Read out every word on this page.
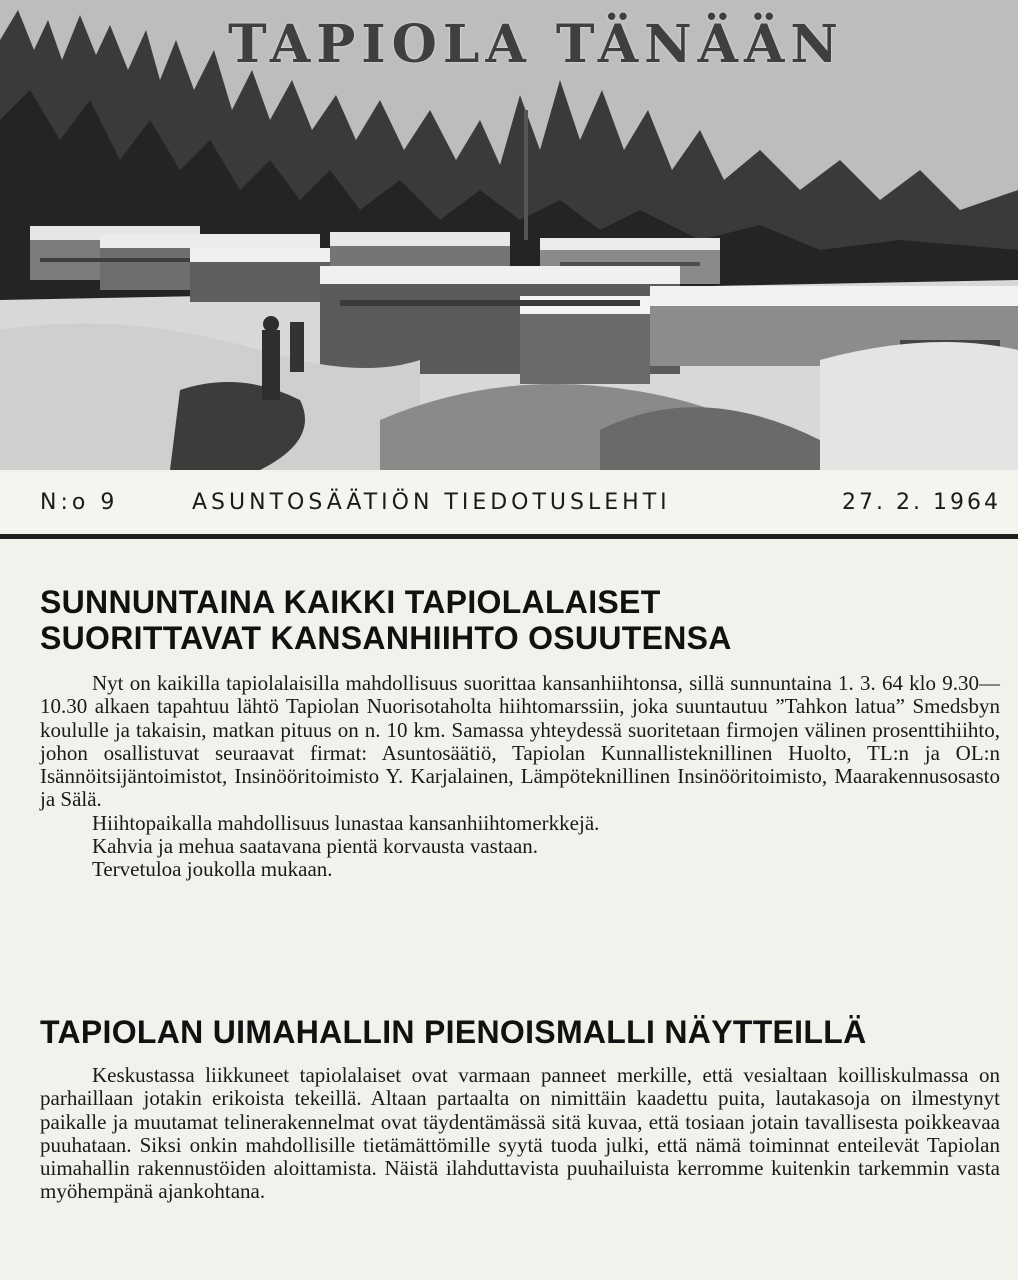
TAPIOLA TÄNÄÄN
N:o 9	ASUNTOSÄÄTIÖN TIEDOTUSLEHTI	27. 2. 1964
SUNNUNTAINA KAIKKI TAPIOLALAISET
SUORITTAVAT KANSANHIIHTO OSUUTENSA

Nyt on kaikilla tapiolalaisilla mahdollisuus suorittaa kansanhiihtonsa, sillä sunnuntaina 1. 3. 64 klo 9.30—10.30 alkaen tapahtuu lähtö Tapiolan Nuorisotaholta hiihtomarssiin, joka suuntautuu ”Tahkon latua” Smedsbyn koululle ja takaisin, matkan pituus on n. 10 km. Samassa yhteydessä suoritetaan firmojen välinen prosenttihiihto, johon osallistuvat seuraavat firmat: Asuntosäätiö, Tapiolan Kunnallisteknillinen Huolto, TL:n ja OL:n Isännöitsijäntoimistot, Insinööritoimisto Y. Karjalainen, Lämpöteknillinen Insinööritoimisto, Maarakennusosasto ja Sälä.

Hiihtopaikalla mahdollisuus lunastaa kansanhiihtomerkkejä.

Kahvia ja mehua saatavana pientä korvausta vastaan.

Tervetuloa joukolla mukaan.

TAPIOLAN UIMAHALLIN PIENOISMALLI NÄYTTEILLÄ

Keskustassa liikkuneet tapiolalaiset ovat varmaan panneet merkille, että vesialtaan koilliskulmassa on parhaillaan jotakin erikoista tekeillä. Altaan partaalta on nimittäin kaadettu puita, lautakasoja on ilmestynyt paikalle ja muutamat telinerakennelmat ovat täydentämässä sitä kuvaa, että tosiaan jotain tavallisesta poikkeavaa puuhataan. Siksi onkin mahdollisille tietämättömille syytä tuoda julki, että nämä toiminnat enteilevät Tapiolan uimahallin rakennustöiden aloittamista. Näistä ilahduttavista puuhailuista kerromme kuitenkin tarkemmin vasta myöhempänä ajankohtana.
